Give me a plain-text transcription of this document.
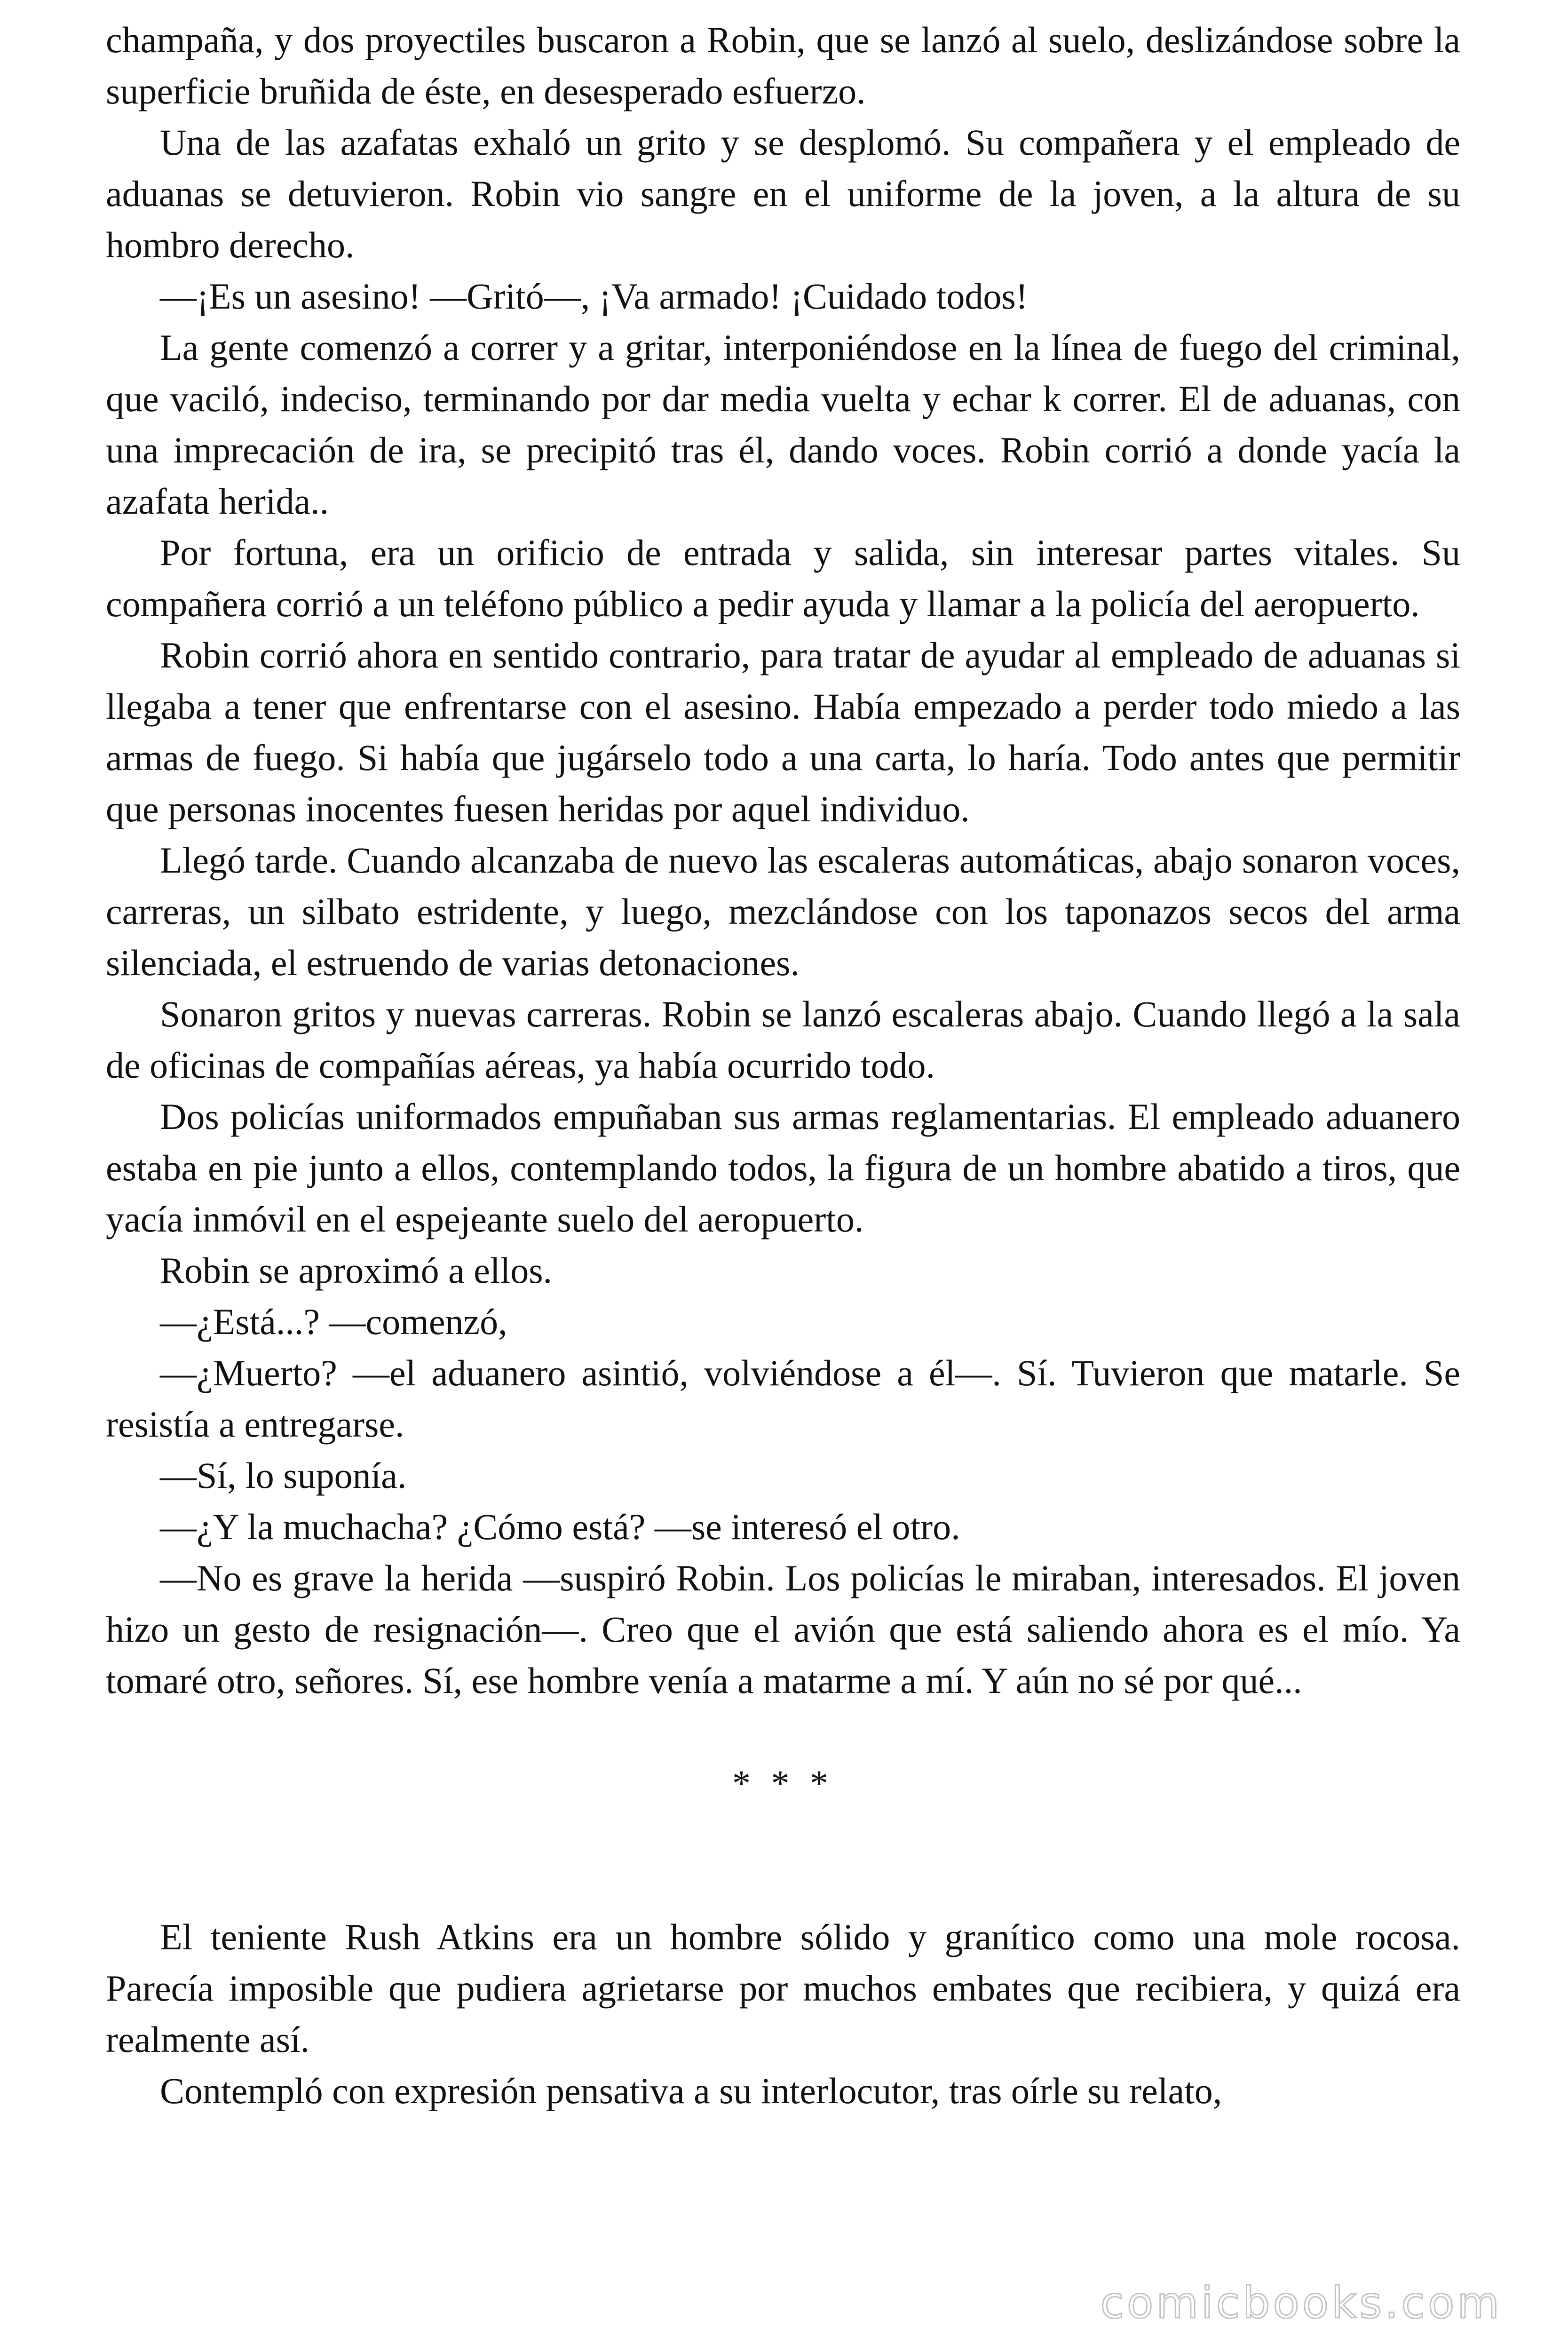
champaña, y dos proyectiles buscaron a Robin, que se lanzó al suelo, deslizándose sobre la superficie bruñida de éste, en desesperado esfuerzo.

Una de las azafatas exhaló un grito y se desplomó. Su compañera y el empleado de aduanas se detuvieron. Robin vio sangre en el uniforme de la joven, a la altura de su hombro derecho.

—¡Es un asesino! —Gritó—, ¡Va armado! ¡Cuidado todos!

La gente comenzó a correr y a gritar, interponiéndose en la línea de fuego del criminal, que vaciló, indeciso, terminando por dar media vuelta y echar k correr. El de aduanas, con una imprecación de ira, se precipitó tras él, dando voces. Robin corrió a donde yacía la azafata herida..

Por fortuna, era un orificio de entrada y salida, sin interesar partes vitales. Su compañera corrió a un teléfono público a pedir ayuda y llamar a la policía del aeropuerto.

Robin corrió ahora en sentido contrario, para tratar de ayudar al empleado de aduanas si llegaba a tener que enfrentarse con el asesino. Había empezado a perder todo miedo a las armas de fuego. Si había que jugárselo todo a una carta, lo haría. Todo antes que permitir que personas inocentes fuesen heridas por aquel individuo.

Llegó tarde. Cuando alcanzaba de nuevo las escaleras automáticas, abajo sonaron voces, carreras, un silbato estridente, y luego, mezclándose con los taponazos secos del arma silenciada, el estruendo de varias detonaciones.

Sonaron gritos y nuevas carreras. Robin se lanzó escaleras abajo. Cuando llegó a la sala de oficinas de compañías aéreas, ya había ocurrido todo.

Dos policías uniformados empuñaban sus armas reglamentarias. El empleado aduanero estaba en pie junto a ellos, contemplando todos, la figura de un hombre abatido a tiros, que yacía inmóvil en el espejeante suelo del aeropuerto.

Robin se aproximó a ellos.

—¿Está...? —comenzó,

—¿Muerto? —el aduanero asintió, volviéndose a él—. Sí. Tuvieron que matarle. Se resistía a entregarse.

—Sí, lo suponía.

—¿Y la muchacha? ¿Cómo está? —se interesó el otro.

—No es grave la herida —suspiró Robin. Los policías le miraban, interesados. El joven hizo un gesto de resignación—. Creo que el avión que está saliendo ahora es el mío. Ya tomaré otro, señores. Sí, ese hombre venía a matarme a mí. Y aún no sé por qué...

* * *

El teniente Rush Atkins era un hombre sólido y granítico como una mole rocosa. Parecía imposible que pudiera agrietarse por muchos embates que recibiera, y quizá era realmente así.

Contempló con expresión pensativa a su interlocutor, tras oírle su relato,

comicbooks.com
